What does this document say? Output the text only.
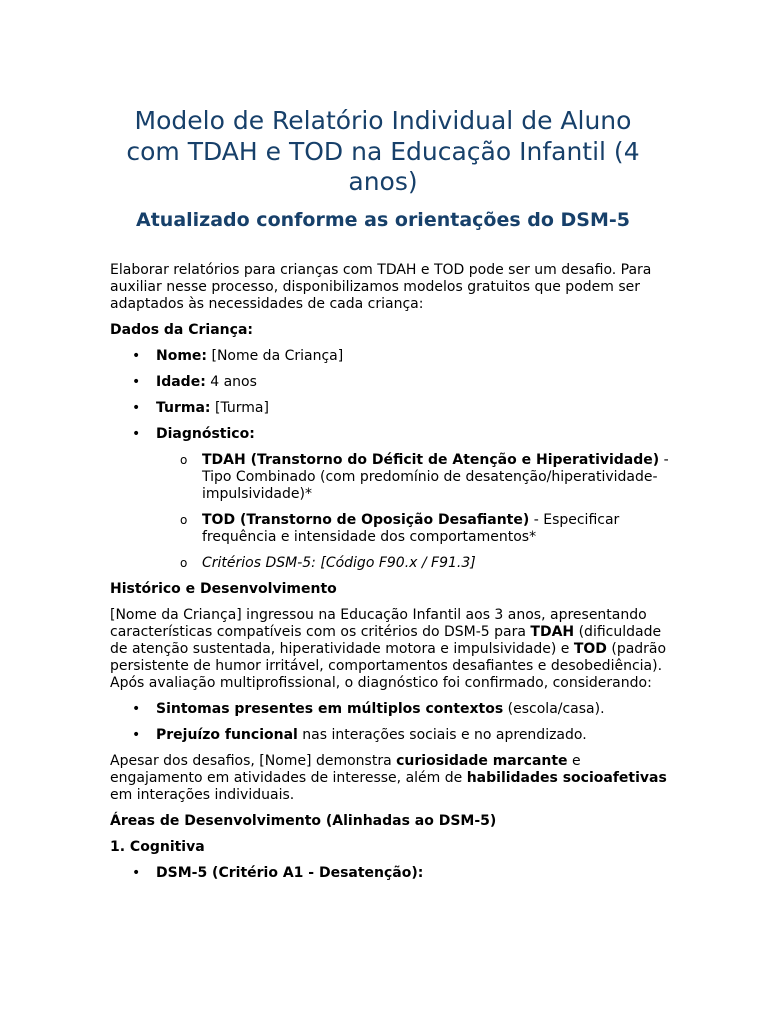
Modelo de Relatório Individual de Aluno com TDAH e TOD na Educação Infantil (4 anos)
Atualizado conforme as orientações do DSM-5

Elaborar relatórios para crianças com TDAH e TOD pode ser um desafio. Para auxiliar nesse processo, disponibilizamos modelos gratuitos que podem ser adaptados às necessidades de cada criança:

Dados da Criança:

• Nome: [Nome da Criança]
• Idade: 4 anos
• Turma: [Turma]
• Diagnóstico:
o TDAH (Transtorno do Déficit de Atenção e Hiperatividade) - Tipo Combinado (com predomínio de desatenção/hiperatividade-impulsividade)*
o TOD (Transtorno de Oposição Desafiante) - Especificar frequência e intensidade dos comportamentos*
o Critérios DSM-5: [Código F90.x / F91.3]

Histórico e Desenvolvimento

[Nome da Criança] ingressou na Educação Infantil aos 3 anos, apresentando características compatíveis com os critérios do DSM-5 para TDAH (dificuldade de atenção sustentada, hiperatividade motora e impulsividade) e TOD (padrão persistente de humor irritável, comportamentos desafiantes e desobediência). Após avaliação multiprofissional, o diagnóstico foi confirmado, considerando:

• Sintomas presentes em múltiplos contextos (escola/casa).
• Prejuízo funcional nas interações sociais e no aprendizado.

Apesar dos desafios, [Nome] demonstra curiosidade marcante e engajamento em atividades de interesse, além de habilidades socioafetivas em interações individuais.

Áreas de Desenvolvimento (Alinhadas ao DSM-5)

1. Cognitiva

• DSM-5 (Critério A1 - Desatenção):
